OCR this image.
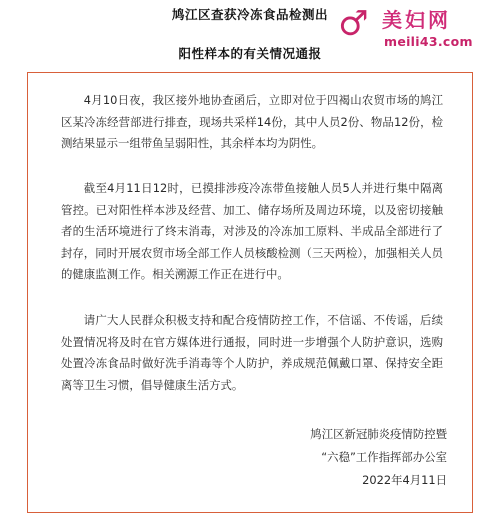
鸠江区查获冷冻食品检测出
阳性样本的有关情况通报
♂ 美妇网
meili43.com
4月10日夜，我区接外地协查函后，立即对位于四褐山农贸市场的鸠江区某冷冻经营部进行排查，现场共采样14份，其中人员2份、物品12份，检测结果显示一组带鱼呈弱阳性，其余样本均为阴性。
截至4月11日12时，已摸排涉疫冷冻带鱼接触人员5人并进行集中隔离管控。已对阳性样本涉及经营、加工、储存场所及周边环境，以及密切接触者的生活环境进行了终末消毒，对涉及的冷冻加工原料、半成品全部进行了封存，同时开展农贸市场全部工作人员核酸检测（三天两检），加强相关人员的健康监测工作。相关溯源工作正在进行中。
请广大人民群众积极支持和配合疫情防控工作，不信谣、不传谣，后续处置情况将及时在官方媒体进行通报，同时进一步增强个人防护意识，选购处置冷冻食品时做好洗手消毒等个人防护，养成规范佩戴口罩、保持安全距离等卫生习惯，倡导健康生活方式。
鸠江区新冠肺炎疫情防控暨
“六稳”工作指挥部办公室
2022年4月11日
